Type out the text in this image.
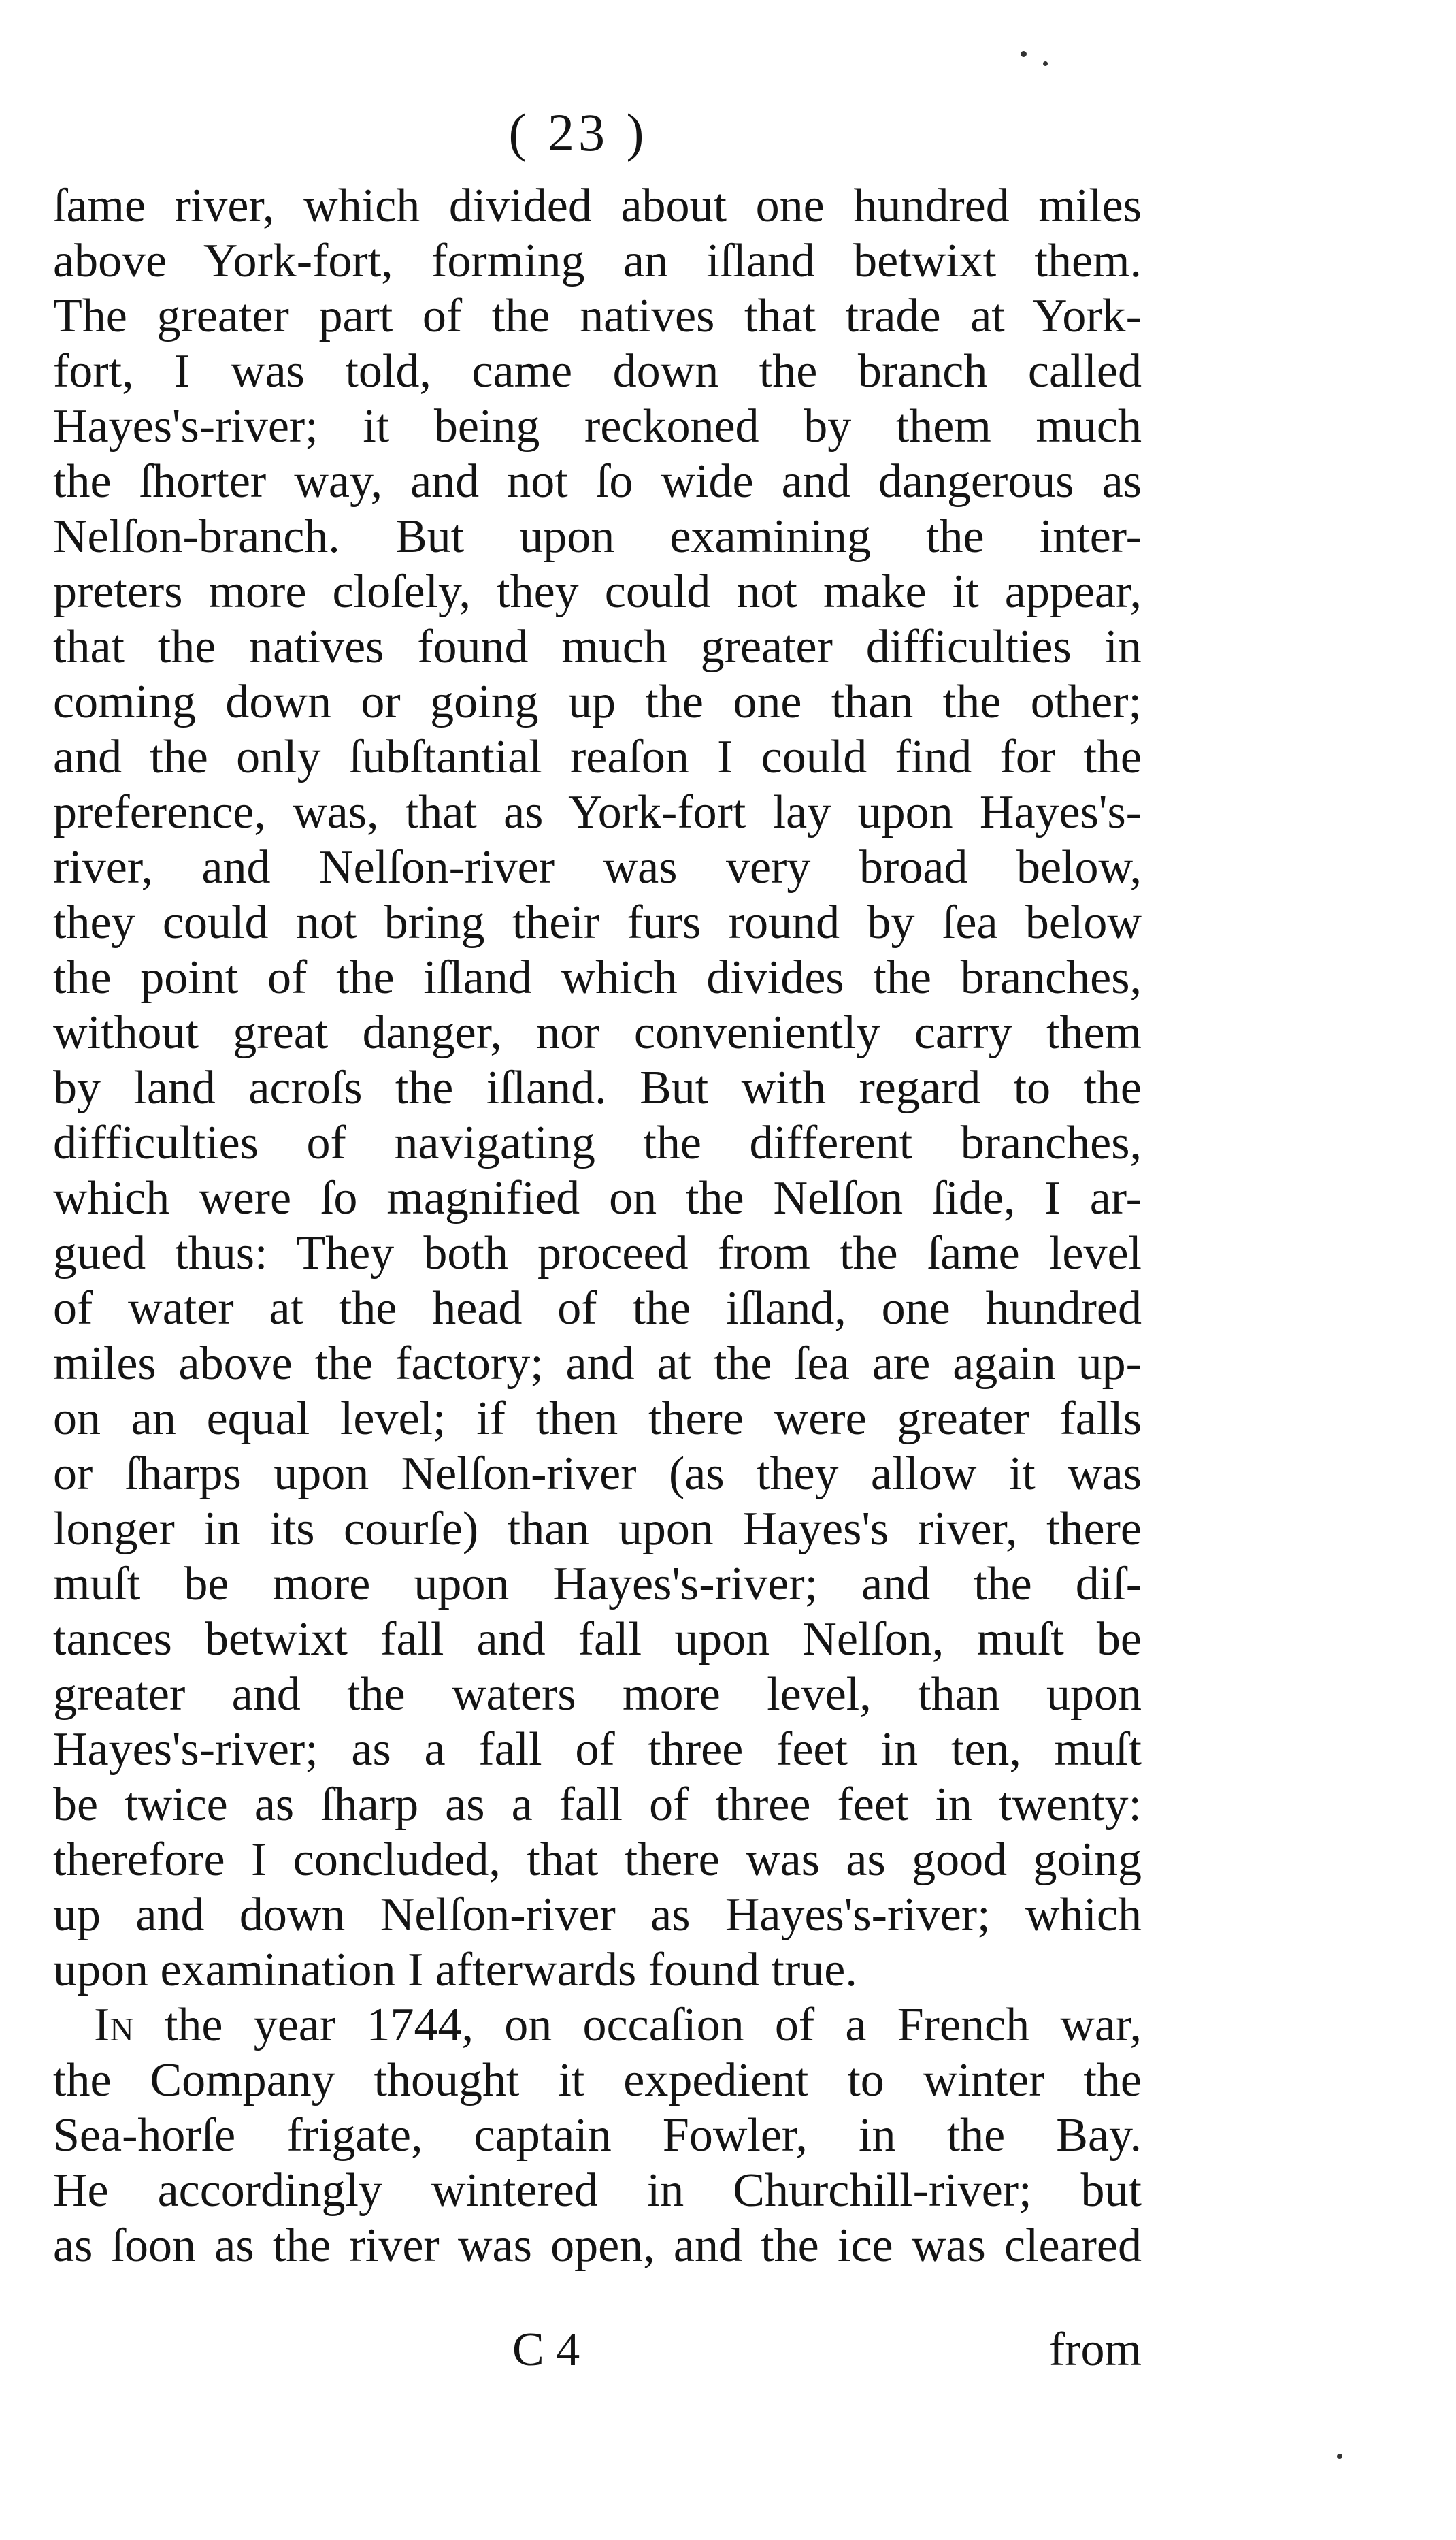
( 23 )
ſame river, which divided about one hundred miles
above York-fort, forming an iſland betwixt them.
The greater part of the natives that trade at York-
fort, I was told, came down the branch called
Hayes's-river; it being reckoned by them much
the ſhorter way, and not ſo wide and dangerous as
Nelſon-branch. But upon examining the inter-
preters more cloſely, they could not make it appear,
that the natives found much greater difficulties in
coming down or going up the one than the other;
and the only ſubſtantial reaſon I could find for the
preference, was, that as York-fort lay upon Hayes's-
river, and Nelſon-river was very broad below,
they could not bring their furs round by ſea below
the point of the iſland which divides the branches,
without great danger, nor conveniently carry them
by land acroſs the iſland. But with regard to the
difficulties of navigating the different branches,
which were ſo magnified on the Nelſon ſide, I ar-
gued thus: They both proceed from the ſame level
of water at the head of the iſland, one hundred
miles above the factory; and at the ſea are again up-
on an equal level; if then there were greater falls
or ſharps upon Nelſon-river (as they allow it was
longer in its courſe) than upon Hayes's river, there
muſt be more upon Hayes's-river; and the diſ-
tances betwixt fall and fall upon Nelſon, muſt be
greater and the waters more level, than upon
Hayes's-river; as a fall of three feet in ten, muſt
be twice as ſharp as a fall of three feet in twenty:
therefore I concluded, that there was as good going
up and down Nelſon-river as Hayes's-river; which
upon examination I afterwards found true.
In the year 1744, on occaſion of a French war,
the Company thought it expedient to winter the
Sea-horſe frigate, captain Fowler, in the Bay.
He accordingly wintered in Churchill-river; but
as ſoon as the river was open, and the ice was cleared
C 4	from
